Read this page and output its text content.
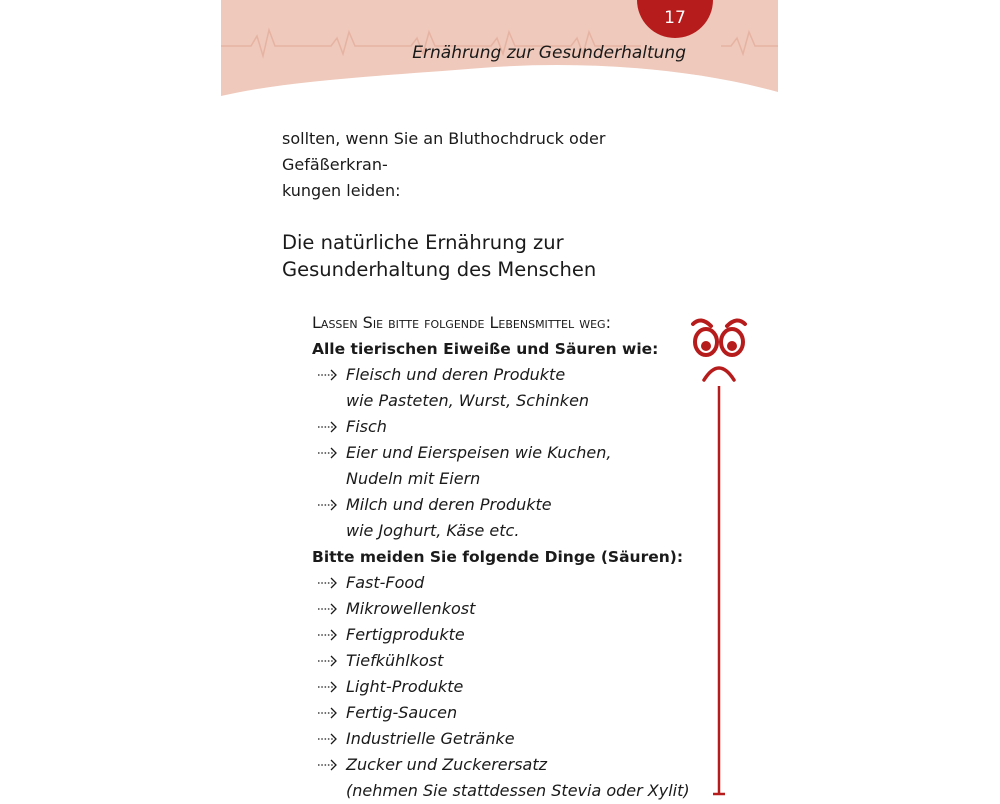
17
Ernährung zur Gesunderhaltung
sollten, wenn Sie an Bluthochdruck oder Gefäßerkran-
kungen leiden:
Die natürliche Ernährung zur
Gesunderhaltung des Menschen
Lassen Sie bitte folgende Lebensmittel weg:
Alle tierischen Eiweiße und Säuren wie:
Fleisch und deren Produkte
wie Pasteten, Wurst, Schinken
Fisch
Eier und Eierspeisen wie Kuchen,
Nudeln mit Eiern
Milch und deren Produkte
wie Joghurt, Käse etc.
Bitte meiden Sie folgende Dinge (Säuren):
Fast-Food
Mikrowellenkost
Fertigprodukte
Tiefkühlkost
Light-Produkte
Fertig-Saucen
Industrielle Getränke
Zucker und Zuckerersatz
(nehmen Sie stattdessen Stevia oder Xylit)
